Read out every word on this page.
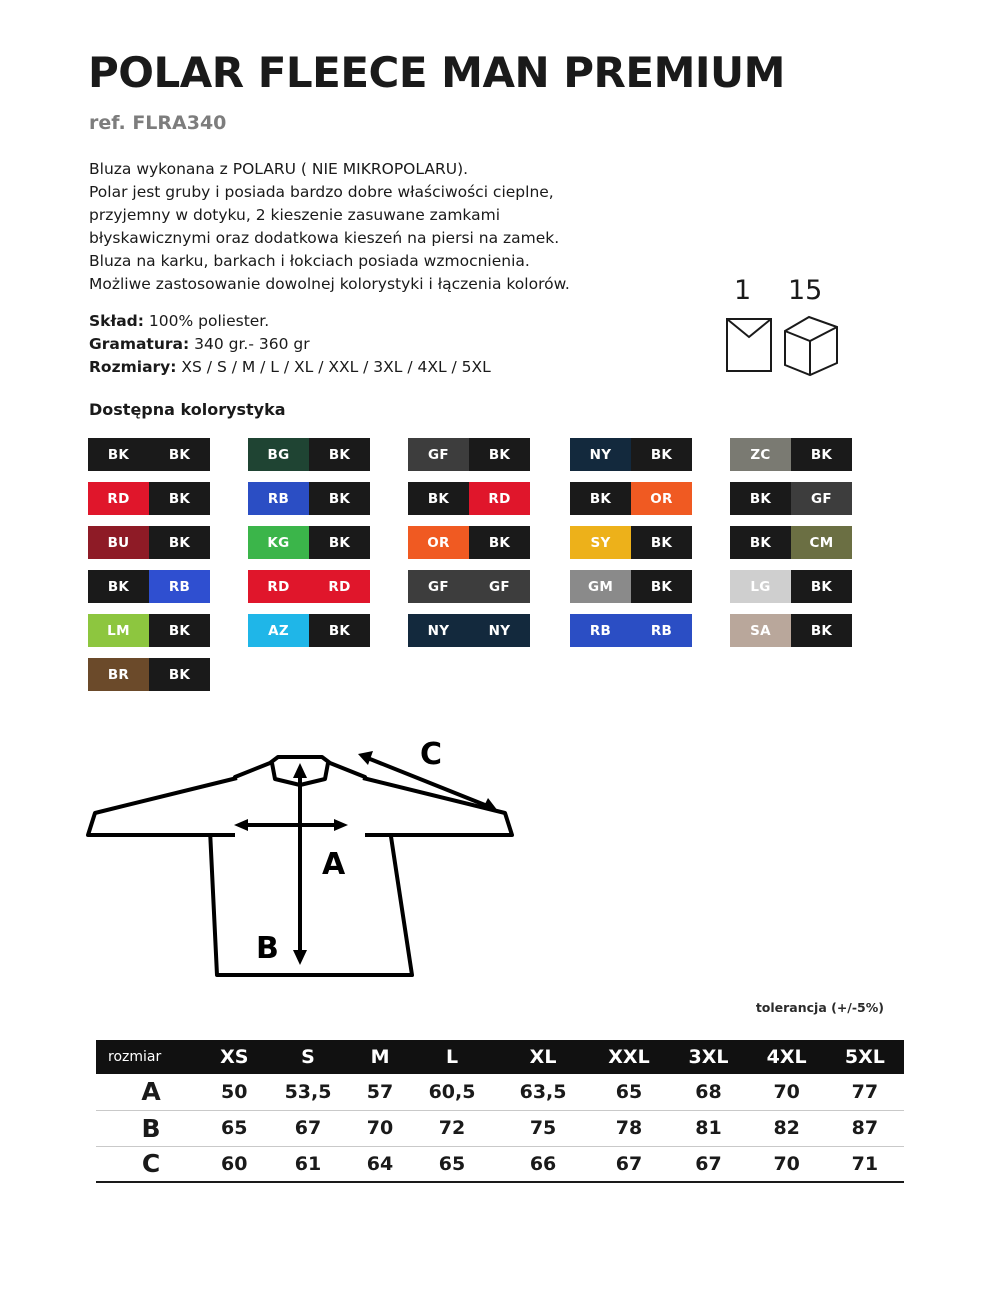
POLAR FLEECE MAN PREMIUM
ref. FLRA340
Bluza wykonana z POLARU ( NIE MIKROPOLARU).
Polar jest gruby i posiada bardzo dobre właściwości cieplne,
przyjemny w dotyku, 2 kieszenie zasuwane zamkami
błyskawicznymi oraz dodatkowa kieszeń na piersi na zamek.
Bluza na karku, barkach i łokciach posiada wzmocnienia.
Możliwe zastosowanie dowolnej kolorystyki i łączenia kolorów.
Skład: 100% poliester.
Gramatura: 340 gr.- 360 gr
Rozmiary: XS / S / M / L / XL / XXL / 3XL / 4XL / 5XL
1 15
Dostępna kolorystyka
BK	BK
RD	BK
BU	BK
BK	RB
LM	BK
BR	BK
BG	BK
RB	BK
KG	BK
RD	RD
AZ	BK
GF	BK
BK	RD
OR	BK
GF	GF
NY	NY
NY	BK
BK	OR
SY	BK
GM	BK
RB	RB
ZC	BK
BK	GF
BK	CM
LG	BK
SA	BK
A
B
C
tolerancja (+/-5%)
rozmiar	XS	S	M	L	XL	XXL	3XL	4XL	5XL
A	50	53,5	57	60,5	63,5	65	68	70	77
B	65	67	70	72	75	78	81	82	87
C	60	61	64	65	66	67	67	70	71
